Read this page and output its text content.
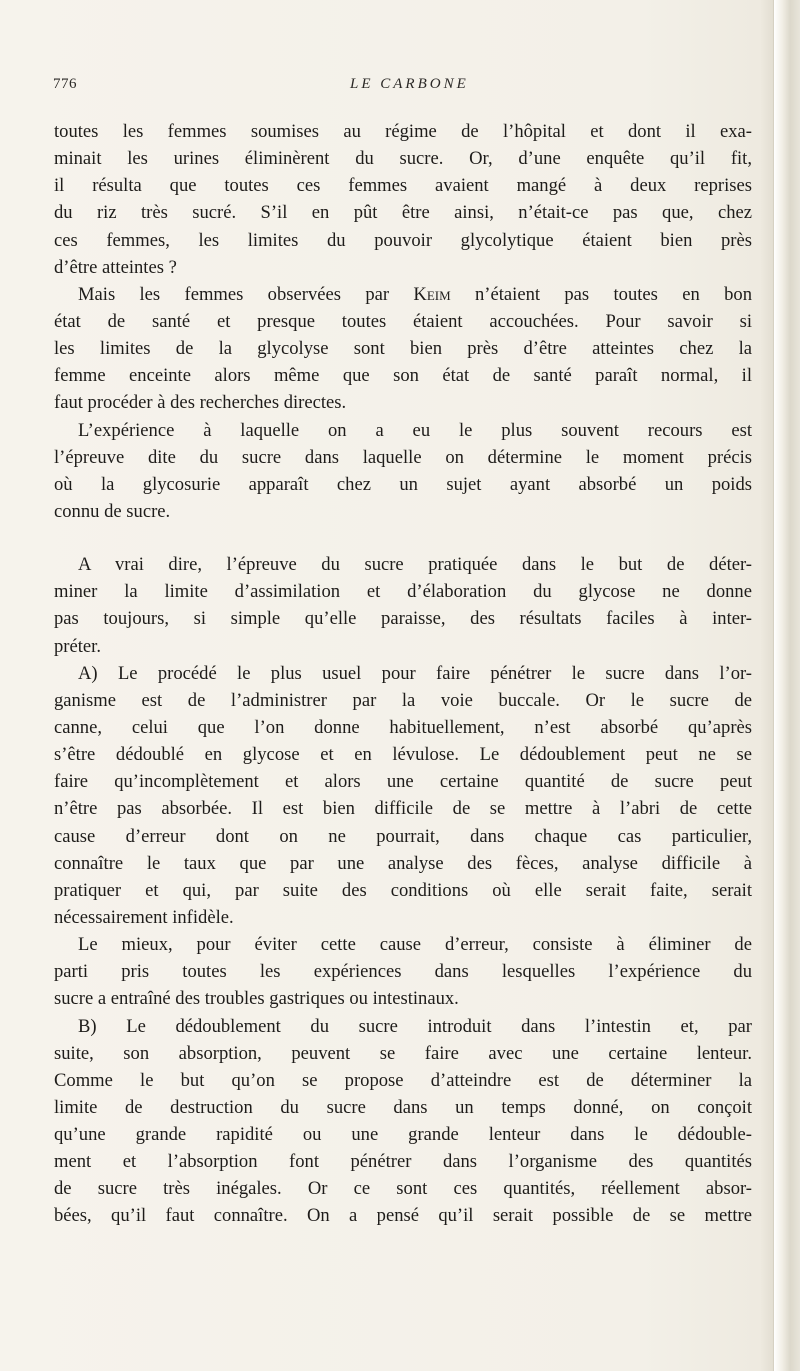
776	LE CARBONE
toutes les femmes soumises au régime de l’hôpital et dont il exa-
minait les urines éliminèrent du sucre. Or, d’une enquête qu’il fit,
il résulta que toutes ces femmes avaient mangé à deux reprises
du riz très sucré. S’il en pût être ainsi, n’était-ce pas que, chez
ces femmes, les limites du pouvoir glycolytique étaient bien près
d’être atteintes ?
Mais les femmes observées par Keim n’étaient pas toutes en bon
état de santé et presque toutes étaient accouchées. Pour savoir si
les limites de la glycolyse sont bien près d’être atteintes chez la
femme enceinte alors même que son état de santé paraît normal, il
faut procéder à des recherches directes.
L’expérience à laquelle on a eu le plus souvent recours est
l’épreuve dite du sucre dans laquelle on détermine le moment précis
où la glycosurie apparaît chez un sujet ayant absorbé un poids
connu de sucre.
A vrai dire, l’épreuve du sucre pratiquée dans le but de déter-
miner la limite d’assimilation et d’élaboration du glycose ne donne
pas toujours, si simple qu’elle paraisse, des résultats faciles à inter-
préter.
A) Le procédé le plus usuel pour faire pénétrer le sucre dans l’or-
ganisme est de l’administrer par la voie buccale. Or le sucre de
canne, celui que l’on donne habituellement, n’est absorbé qu’après
s’être dédoublé en glycose et en lévulose. Le dédoublement peut ne se
faire qu’incomplètement et alors une certaine quantité de sucre peut
n’être pas absorbée. Il est bien difficile de se mettre à l’abri de cette
cause d’erreur dont on ne pourrait, dans chaque cas particulier,
connaître le taux que par une analyse des fèces, analyse difficile à
pratiquer et qui, par suite des conditions où elle serait faite, serait
nécessairement infidèle.
Le mieux, pour éviter cette cause d’erreur, consiste à éliminer de
parti pris toutes les expériences dans lesquelles l’expérience du
sucre a entraîné des troubles gastriques ou intestinaux.
B) Le dédoublement du sucre introduit dans l’intestin et, par
suite, son absorption, peuvent se faire avec une certaine lenteur.
Comme le but qu’on se propose d’atteindre est de déterminer la
limite de destruction du sucre dans un temps donné, on conçoit
qu’une grande rapidité ou une grande lenteur dans le dédouble-
ment et l’absorption font pénétrer dans l’organisme des quantités
de sucre très inégales. Or ce sont ces quantités, réellement absor-
bées, qu’il faut connaître. On a pensé qu’il serait possible de se mettre
